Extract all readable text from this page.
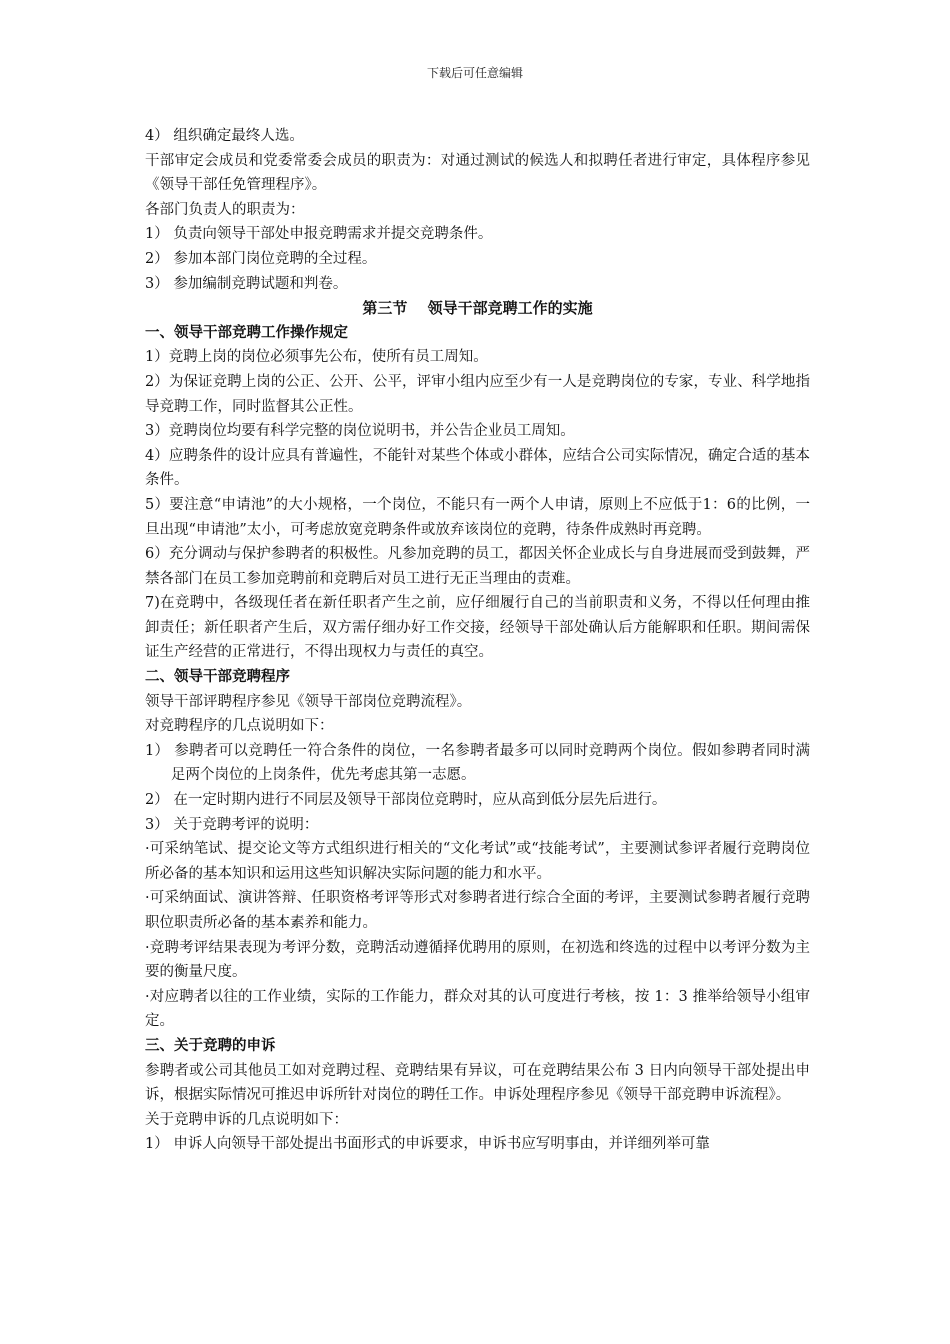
下载后可任意编辑

4） 组织确定最终人选。

干部审定会成员和党委常委会成员的职责为：对通过测试的候选人和拟聘任者进行审定，具体程序参见《领导干部任免管理程序》。

各部门负责人的职责为：

1） 负责向领导干部处申报竞聘需求并提交竞聘条件。

2） 参加本部门岗位竞聘的全过程。

3） 参加编制竞聘试题和判卷。

第三节　 领导干部竞聘工作的实施

一、领导干部竞聘工作操作规定

1）竞聘上岗的岗位必须事先公布，使所有员工周知。

2）为保证竞聘上岗的公正、公开、公平，评审小组内应至少有一人是竞聘岗位的专家，专业、科学地指导竞聘工作，同时监督其公正性。

3）竞聘岗位均要有科学完整的岗位说明书，并公告企业员工周知。

4）应聘条件的设计应具有普遍性，不能针对某些个体或小群体，应结合公司实际情况，确定合适的基本条件。

5）要注意“申请池”的大小规格，一个岗位，不能只有一两个人申请，原则上不应低于1：6的比例，一旦出现“申请池”太小，可考虑放宽竞聘条件或放弃该岗位的竞聘，待条件成熟时再竞聘。

6）充分调动与保护参聘者的积极性。凡参加竞聘的员工，都因关怀企业成长与自身进展而受到鼓舞，严禁各部门在员工参加竞聘前和竞聘后对员工进行无正当理由的责难。

7)在竞聘中，各级现任者在新任职者产生之前，应仔细履行自己的当前职责和义务，不得以任何理由推卸责任；新任职者产生后，双方需仔细办好工作交接，经领导干部处确认后方能解职和任职。期间需保证生产经营的正常进行，不得出现权力与责任的真空。

二、领导干部竞聘程序

领导干部评聘程序参见《领导干部岗位竞聘流程》。

对竞聘程序的几点说明如下：

1） 参聘者可以竞聘任一符合条件的岗位，一名参聘者最多可以同时竞聘两个岗位。假如参聘者同时满足两个岗位的上岗条件，优先考虑其第一志愿。

2） 在一定时期内进行不同层及领导干部岗位竞聘时，应从高到低分层先后进行。

3） 关于竞聘考评的说明：

·可采纳笔试、提交论文等方式组织进行相关的“文化考试”或“技能考试”，主要测试参评者履行竞聘岗位所必备的基本知识和运用这些知识解决实际问题的能力和水平。

·可采纳面试、演讲答辩、任职资格考评等形式对参聘者进行综合全面的考评，主要测试参聘者履行竞聘职位职责所必备的基本素养和能力。

·竞聘考评结果表现为考评分数，竞聘活动遵循择优聘用的原则，在初选和终选的过程中以考评分数为主要的衡量尺度。

·对应聘者以往的工作业绩，实际的工作能力，群众对其的认可度进行考核，按 1：3 推举给领导小组审定。

三、关于竞聘的申诉

参聘者或公司其他员工如对竞聘过程、竞聘结果有异议，可在竞聘结果公布 3 日内向领导干部处提出申诉，根据实际情况可推迟申诉所针对岗位的聘任工作。申诉处理程序参见《领导干部竞聘申诉流程》。

关于竞聘申诉的几点说明如下：

1） 申诉人向领导干部处提出书面形式的申诉要求，申诉书应写明事由，并详细列举可靠
